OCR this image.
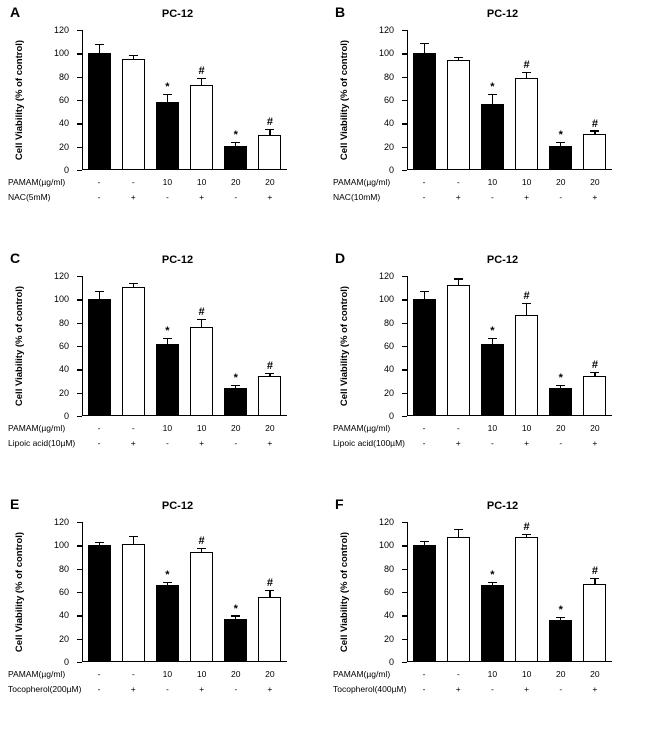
A	PC-12
Cell Viability (% of control)
0
20
40
60
80
100
120
*
#
*
#
PAMAM(µg/ml)	-	-	10	10	20	20
NAC(5mM)	-	+	-	+	-	+
B	PC-12
Cell Viability (% of control)
0
20
40
60
80
100
120
*
#
*
#
PAMAM(µg/ml)	-	-	10	10	20	20
NAC(10mM)	-	+	-	+	-	+
C	PC-12
Cell Viability (% of control)
0
20
40
60
80
100
120
*
#
*
#
PAMAM(µg/ml)	-	-	10	10	20	20
Lipoic acid(10µM)	-	+	-	+	-	+
D	PC-12
Cell Viability (% of control)
0
20
40
60
80
100
120
*
#
*
#
PAMAM(µg/ml)	-	-	10	10	20	20
Lipoic acid(100µM)	-	+	-	+	-	+
E	PC-12
Cell Viability (% of control)
0
20
40
60
80
100
120
*
#
*
#
PAMAM(µg/ml)	-	-	10	10	20	20
Tocopherol(200µM)	-	+	-	+	-	+
F	PC-12
Cell Viability (% of control)
0
20
40
60
80
100
120
*
#
*
#
PAMAM(µg/ml)	-	-	10	10	20	20
Tocopherol(400µM)	-	+	-	+	-	+
